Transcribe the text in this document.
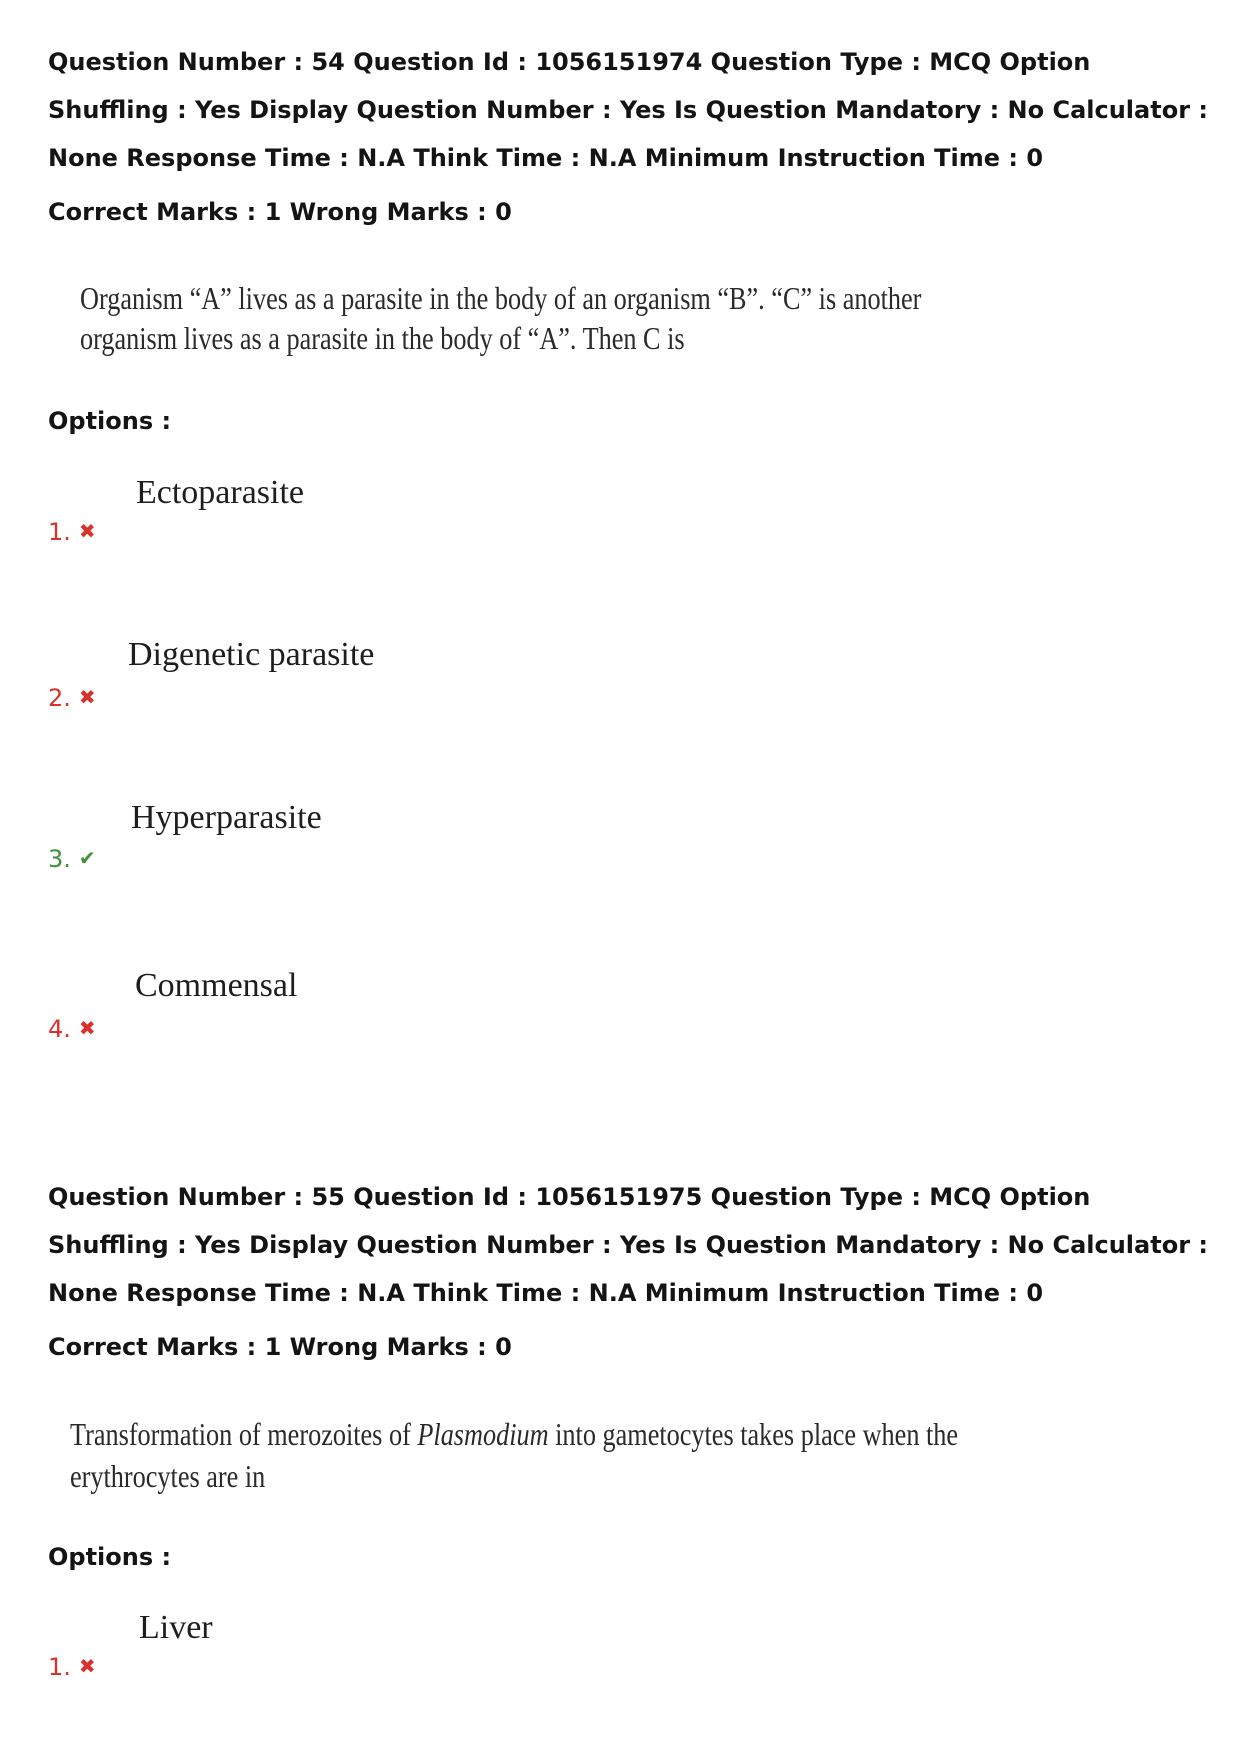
Question Number : 54 Question Id : 1056151974 Question Type : MCQ Option Shuffling : Yes Display Question Number : Yes Is Question Mandatory : No Calculator : None Response Time : N.A Think Time : N.A Minimum Instruction Time : 0
Correct Marks : 1 Wrong Marks : 0
Organism “A” lives as a parasite in the body of an organism “B”. “C” is another
organism lives as a parasite in the body of “A”. Then C is
Options :
Ectoparasite
1. ✖
Digenetic parasite
2. ✖
Hyperparasite
3. ✔
Commensal
4. ✖
Question Number : 55 Question Id : 1056151975 Question Type : MCQ Option Shuffling : Yes Display Question Number : Yes Is Question Mandatory : No Calculator : None Response Time : N.A Think Time : N.A Minimum Instruction Time : 0
Correct Marks : 1 Wrong Marks : 0
Transformation of merozoites of Plasmodium into gametocytes takes place when the
erythrocytes are in
Options :
Liver
1. ✖
